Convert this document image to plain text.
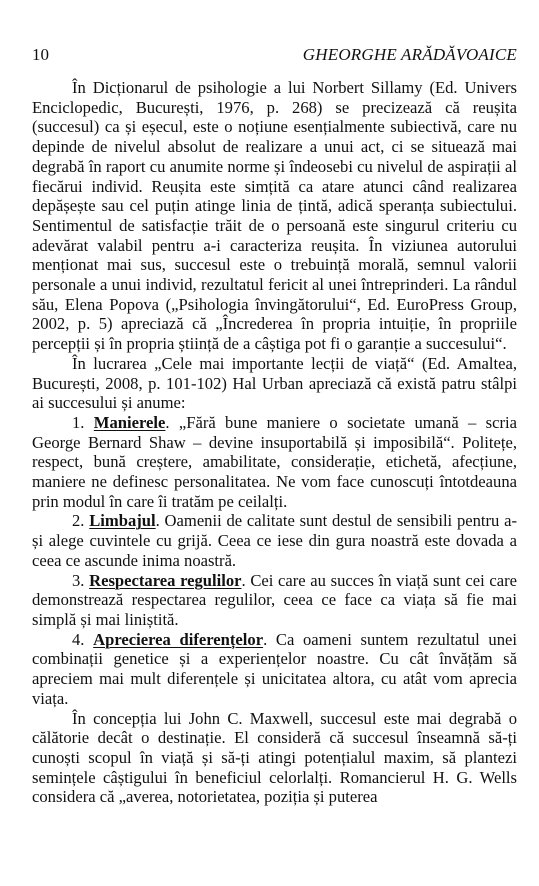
10	GHEORGHE ARĂDĂVOAICE

În Dicționarul de psihologie a lui Norbert Sillamy (Ed. Univers Enciclopedic, București, 1976, p. 268) se precizează că reușita (succesul) ca și eșecul, este o noțiune esențialmente subiectivă, care nu depinde de nivelul absolut de realizare a unui act, ci se situează mai degrabă în raport cu anumite norme și îndeosebi cu nivelul de aspirații al fiecărui individ. Reușita este simțită ca atare atunci când realizarea depășește sau cel puțin atinge linia de țintă, adică speranța subiectului. Sentimentul de satisfacție trăit de o persoană este singurul criteriu cu adevărat valabil pentru a-i caracteriza reușita. În viziunea autorului menționat mai sus, succesul este o trebuință morală, semnul valorii personale a unui individ, rezultatul fericit al unei întreprinderi. La rândul său, Elena Popova („Psihologia învingătorului“, Ed. EuroPress Group, 2002, p. 5) apreciază că „Încrederea în propria intuiție, în propriile percepții și în propria știință de a câștiga pot fi o garanție a succesului“.

În lucrarea „Cele mai importante lecții de viață“ (Ed. Amaltea, București, 2008, p. 101-102) Hal Urban apreciază că există patru stâlpi ai succesului și anume:

1. Manierele. „Fără bune maniere o societate umană – scria George Bernard Shaw – devine insuportabilă și imposibilă“. Politețe, respect, bună creștere, amabilitate, considerație, etichetă, afecțiune, maniere ne definesc personalitatea. Ne vom face cunoscuți întotdeauna prin modul în care îi tratăm pe ceilalți.

2. Limbajul. Oamenii de calitate sunt destul de sensibili pentru a-și alege cuvintele cu grijă. Ceea ce iese din gura noastră este dovada a ceea ce ascunde inima noastră.

3. Respectarea regulilor. Cei care au succes în viață sunt cei care demonstrează respectarea regulilor, ceea ce face ca viața să fie mai simplă și mai liniștită.

4. Aprecierea diferențelor. Ca oameni suntem rezultatul unei combinații genetice și a experiențelor noastre. Cu cât învățăm să apreciem mai mult diferențele și unicitatea altora, cu atât vom aprecia viața.

În concepția lui John C. Maxwell, succesul este mai degrabă o călătorie decât o destinație. El consideră că succesul înseamnă să-ți cunoști scopul în viață și să-ți atingi potențialul maxim, să plantezi semințele câștigului în beneficiul celorlalți. Romancierul H. G. Wells considera că „averea, notorietatea, poziția și puterea
